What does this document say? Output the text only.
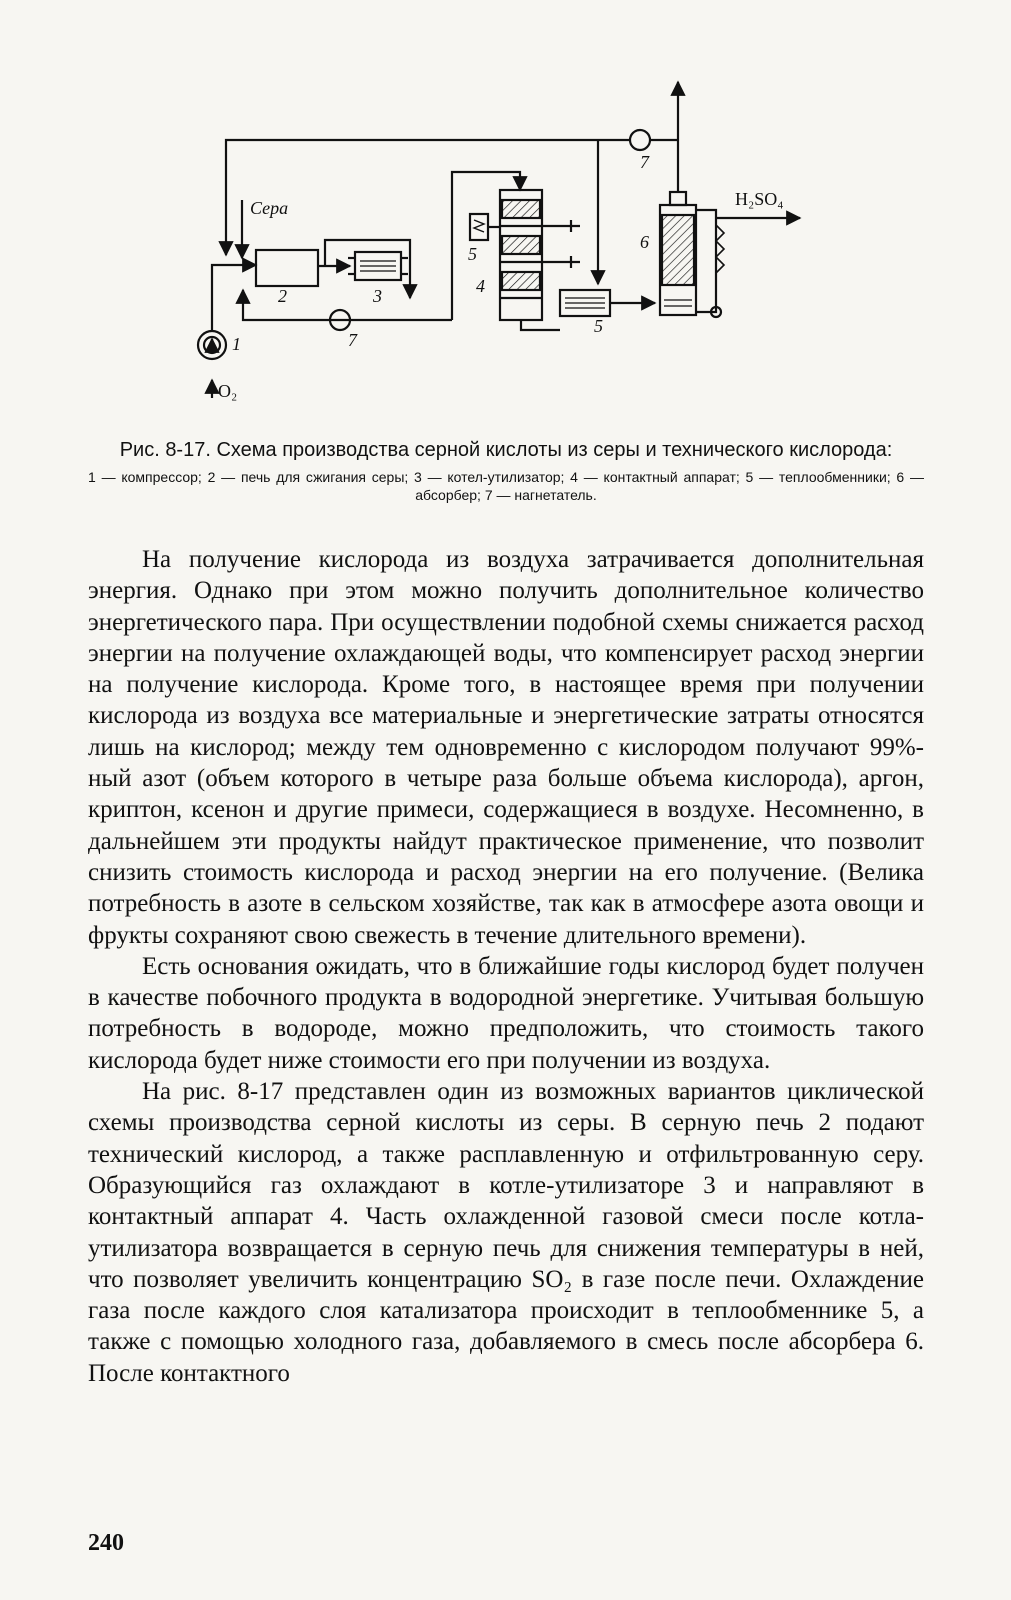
Сера
O₂
H₂SO₄
1
2	3	4
5
5
6
7
7

Рис. 8-17. Схема производства серной кислоты из серы и технического кислорода:

1 — компрессор; 2 — печь для сжигания серы; 3 — котел-утилизатор; 4 — контактный аппарат; 5 — теплообменники; 6 — абсорбер; 7 — нагнетатель.

На получение кислорода из воздуха затрачивается дополнительная энергия. Однако при этом можно получить дополнительное количество энергетического пара. При осуществлении подобной схемы снижается расход энергии на получение охлаждающей воды, что компенсирует расход энергии на получение кислорода. Кроме того, в настоящее время при получении кислорода из воздуха все материальные и энергетические затраты относятся лишь на кислород; между тем одновременно с кислородом получают 99%-ный азот (объем которого в четыре раза больше объема кислорода), аргон, криптон, ксенон и другие примеси, содержащиеся в воздухе. Несомненно, в дальнейшем эти продукты найдут практическое применение, что позволит снизить стоимость кислорода и расход энергии на его получение. (Велика потребность в азоте в сельском хозяйстве, так как в атмосфере азота овощи и фрукты сохраняют свою свежесть в течение длительного времени).

Есть основания ожидать, что в ближайшие годы кислород будет получен в качестве побочного продукта в водородной энергетике. Учитывая большую потребность в водороде, можно предположить, что стоимость такого кислорода будет ниже стоимости его при получении из воздуха.

На рис. 8-17 представлен один из возможных вариантов циклической схемы производства серной кислоты из серы. В серную печь 2 подают технический кислород, а также расплавленную и отфильтрованную серу. Образующийся газ охлаждают в котле-утилизаторе 3 и направляют в контактный аппарат 4. Часть охлажденной газовой смеси после котла-утилизатора возвращается в серную печь для снижения температуры в ней, что позволяет увеличить концентрацию SO₂ в газе после печи. Охлаждение газа после каждого слоя катализатора происходит в теплообменнике 5, а также с помощью холодного газа, добавляемого в смесь после абсорбера 6. После контактного

240
